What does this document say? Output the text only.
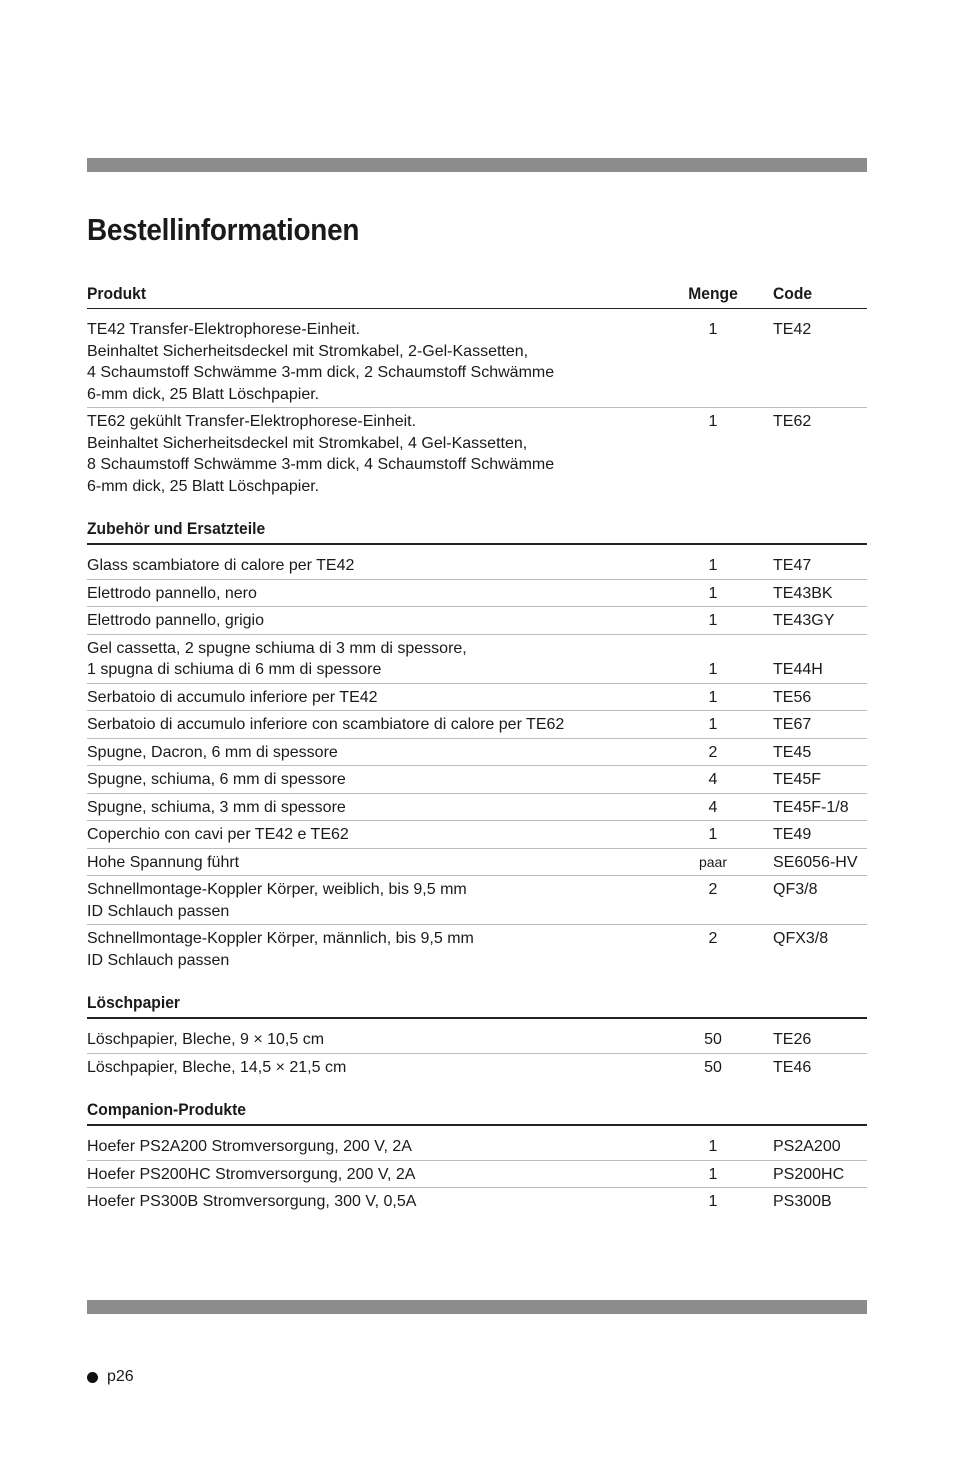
Bestellinformationen
Produkt	Menge	Code
TE42 Transfer-Elektrophorese-Einheit.
Beinhaltet Sicherheitsdeckel mit Stromkabel, 2-Gel-Kassetten,
4 Schaumstoff Schwämme 3-mm dick, 2 Schaumstoff Schwämme
6-mm dick, 25 Blatt Löschpapier.
1	TE42
TE62 gekühlt Transfer-Elektrophorese-Einheit.
Beinhaltet Sicherheitsdeckel mit Stromkabel, 4 Gel-Kassetten,
8 Schaumstoff Schwämme 3-mm dick, 4 Schaumstoff Schwämme
6-mm dick, 25 Blatt Löschpapier.
1	TE62
Zubehör und Ersatzteile
Glass scambiatore di calore per TE42	1	TE47
Elettrodo pannello, nero	1	TE43BK
Elettrodo pannello, grigio	1	TE43GY
Gel cassetta, 2 spugne schiuma di 3 mm di spessore,
1 spugna di schiuma di 6 mm di spessore	1	TE44H
Serbatoio di accumulo inferiore per TE42	1	TE56
Serbatoio di accumulo inferiore con scambiatore di calore per TE62	1	TE67
Spugne, Dacron, 6 mm di spessore	2	TE45
Spugne, schiuma, 6 mm di spessore	4	TE45F
Spugne, schiuma, 3 mm di spessore	4	TE45F-1/8
Coperchio con cavi per TE42 e TE62	1	TE49
Hohe Spannung führt	paar	SE6056-HV
Schnellmontage-Koppler Körper, weiblich, bis 9,5 mm
ID Schlauch passen
2	QF3/8
Schnellmontage-Koppler Körper, männlich, bis 9,5 mm
ID Schlauch passen
2	QFX3/8
Löschpapier
Löschpapier, Bleche, 9 × 10,5 cm	50	TE26
Löschpapier, Bleche, 14,5 × 21,5 cm	50	TE46
Companion-Produkte
Hoefer PS2A200 Stromversorgung, 200 V, 2A	1	PS2A200
Hoefer PS200HC Stromversorgung, 200 V, 2A	1	PS200HC
Hoefer PS300B Stromversorgung, 300 V, 0,5A	1	PS300B
p26
